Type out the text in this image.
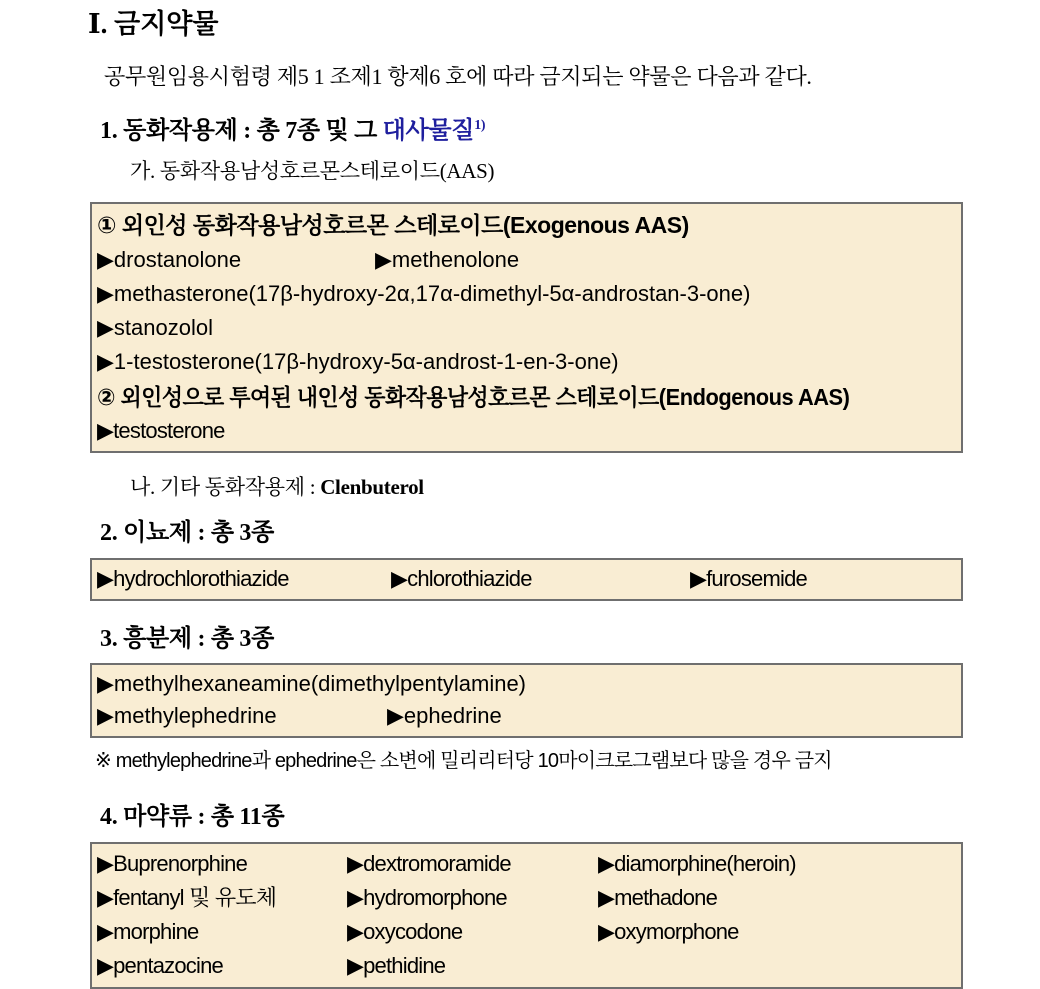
Ⅰ. 금지약물

공무원임용시험령 제5 1 조제1 항제6 호에 따라 금지되는 약물은 다음과 같다.

1. 동화작용제 : 총 7종 및 그 대사물질$^{1)}$
가. 동화작용남성호르몬스테로이드(AAS)
① 외인성 동화작용남성호르몬 스테로이드(Exogenous AAS)
▶drostanolone	▶methenolone
▶methasterone(17β-hydroxy-2α,17α-dimethyl-5α-androstan-3-one)
▶stanozolol
▶1-testosterone(17β-hydroxy-5α-androst-1-en-3-one)
② 외인성으로 투여된 내인성 동화작용남성호르몬 스테로이드(Endogenous AAS)
▶testosterone
나. 기타 동화작용제 : Clenbuterol
2. 이뇨제 : 총 3종
▶hydrochlorothiazide	▶chlorothiazide	▶furosemide
3. 흥분제 : 총 3종
▶methylhexaneamine(dimethylpentylamine)
▶methylephedrine	▶ephedrine
※ methylephedrine과 ephedrine은 소변에 밀리리터당 10마이크로그램보다 많을 경우 금지
4. 마약류 : 총 11종
▶Buprenorphine	▶dextromoramide	▶diamorphine(heroin)
▶fentanyl 및 유도체	▶hydromorphone	▶methadone
▶morphine	▶oxycodone	▶oxymorphone
▶pentazocine	▶pethidine
